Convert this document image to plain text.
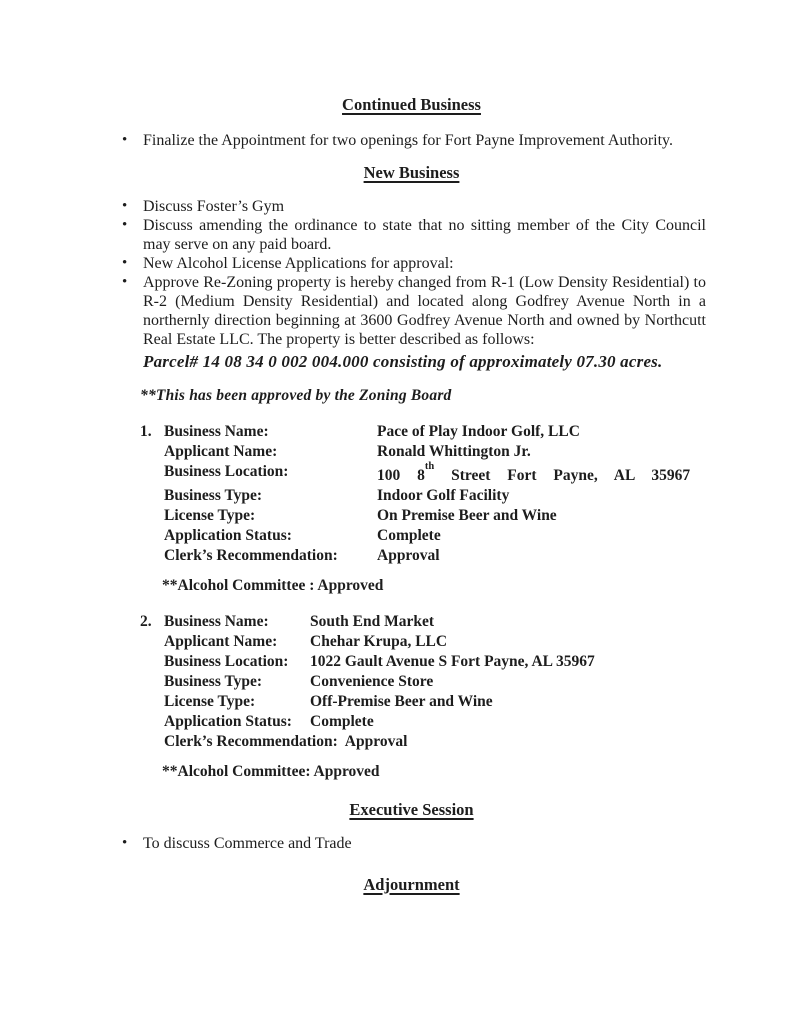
Continued Business
• Finalize the Appointment for two openings for Fort Payne Improvement Authority.
New Business
• Discuss Foster’s Gym
• Discuss amending the ordinance to state that no sitting member of the City Council may serve on any paid board.
• New Alcohol License Applications for approval:
• Approve Re-Zoning property is hereby changed from R-1 (Low Density Residential) to R-2 (Medium Density Residential) and located along Godfrey Avenue North in a northernly direction beginning at 3600 Godfrey Avenue North and owned by Northcutt Real Estate LLC. The property is better described as follows:

Parcel# 14 08 34 0 002 004.000 consisting of approximately 07.30 acres.

**This has been approved by the Zoning Board

1. Business Name:	Pace of Play Indoor Golf, LLC
Applicant Name:	Ronald Whittington Jr.
Business Location:	100 8th Street Fort Payne, AL 35967
Business Type:	Indoor Golf Facility
License Type:	On Premise Beer and Wine
Application Status:	Complete
Clerk’s Recommendation:	Approval

**Alcohol Committee : Approved

2. Business Name:	South End Market
Applicant Name:	Chehar Krupa, LLC
Business Location:	1022 Gault Avenue S Fort Payne, AL 35967
Business Type:	Convenience Store
License Type:	Off-Premise Beer and Wine
Application Status:	Complete
Clerk’s Recommendation: Approval

**Alcohol Committee: Approved

Executive Session
• To discuss Commerce and Trade
Adjournment
